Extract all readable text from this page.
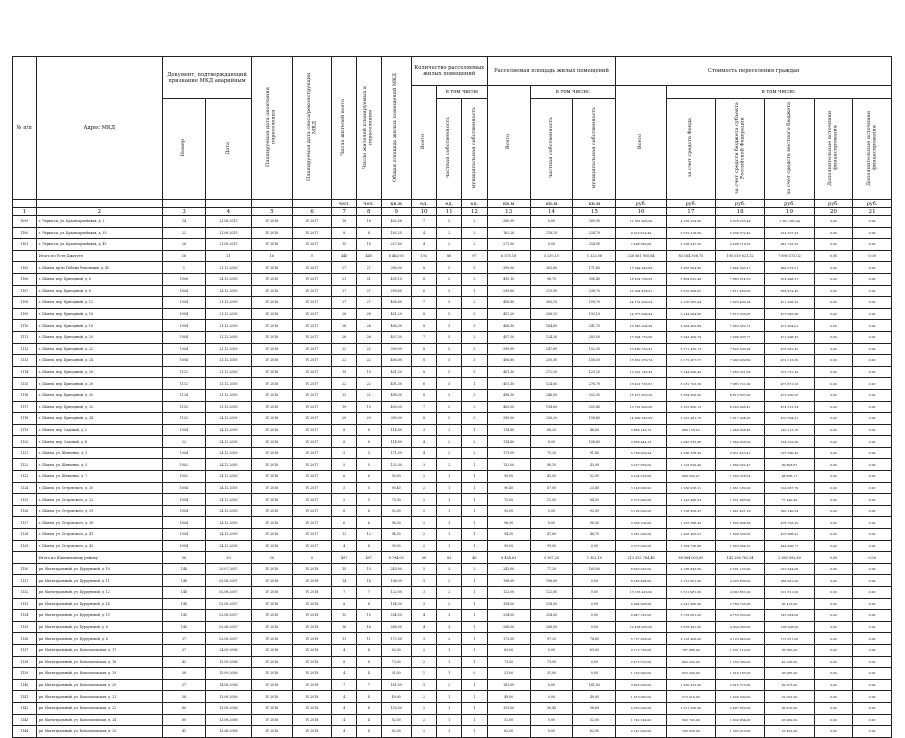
№ п/п	Адрес МКД	Документ, подтверждающий признание МКД аварийным		Планируемая дата окончания переселения	Планируемая дата сноса/реконструкции МКД	Число жителей всего	Число жителей планируемых к переселению	Общая площадь жилых помещений МКД	Количество расселяемых жилых помещений			Расселяемая площадь жилых помещений			Стоимость переселения граждан					
									Всего	в том числе		Всего	в том числе:		Всего	в том числе:				
		Номер	Дата							частная собственность	муниципальная собственность		частная собственность	муниципальная собственность		за счет средств Фонда	за счет средств бюджета субъекта Российской Федерации	за счет средств местного бюджета	Дополнительные источники финансирования	Дополнительные источники финансирования
						чел.	чел.	кв.м	ед.	ед.	ед.	кв.м	кв.м	кв.м	руб.	руб.	руб.	руб.	руб.	руб.
1	2	3	4	5	6	7	8	9	10	11	12	13	14	15	16	17	18	19	20	21
1099	г. Черкесск, ул. Красноармейская, д. 3	14	21.08.2015	IV 2016	IV 2017	18	18	402,58	7	5	2	280,90	0,00	280,90	11 581 903,90	4 183 254,26	5 978 255,44	1 391 395,44	0,00	0,00
1100	г. Черкесск, ул. Красноармейская, д. 35	22	21.08.2015	IV 2016	IV 2017	8	8	183,25	4	2	2	162,28	118,19	234,70	9 012 619,49	3 072 318,00	5 936 372,42	614 557,22	0,00	0,00
1101	г. Черкесск, ул. Красноармейская, д. 45	26	21.08.2015	IV 2016	IV 2017	15	15	227,80	4	2	2	271,90	0,00	254,90	7 498 389,00	2 108 347,50	4 408 719,25	981 722,25	0,00	0,00
	Итого по Усть-Джегуте	16	21	16	0	440	440	8 462,93	192	86	97	6 575,18	5 250,10	1 323,08	326 581 905,84	85 164 306,75	195 019 021,52	7 890 573,02	0,00	0,00
1105	г. Шахты, пр-кт Победы Революции, д. 45	1	21.12.2005	IV 2016	IV 2017	27	27	390,00	8	5	3	390,00	263,80	171,60	15 344 643,89	3 933 804,86	7 944 395,17	966 373,51	0,00	0,00
1106	г. Шахты, пер. Бригадный, д. 6	1006	24.12.2005	IV 2016	IV 2017	21	21	495,10	8	5	3	495,10	98,70	396,40	18 434 709,62	5 864 825,48	7 883 614,53	974 948,21	0,00	0,00
1107	г. Шахты, пер. Бригадный, д. 8	1004	24.12.2005	IV 2016	IV 2017	27	27	299,60	6	5	1	299,60	219,90	236,70	12 004 458,01	3 310 906,05	7 611 462,63	658 474,45	0,00	0,00
1108	г. Шахты, пер. Бригадный, д. 12	1004	21.12.2005	IV 2016	IV 2017	27	27	406,80	7	5	2	406,80	300,10	109,70	14 152 939,04	3 150 385,04	7 925 406,34	471 208,22	0,00	0,00
1109	г. Шахты, пер. Бригадный, д. 16	1004	21.12.2005	IV 2016	IV 2017	28	28	401,20	8	5	3	401,20	208,10	193,10	14 973 908,94	3 144 084,60	7 613 336,05	473 093,96	0,00	0,00
1110	г. Шахты, пер. Бригадный, д. 18	1004	21.12.2005	IV 2016	IV 2017	26	26	406,30	8	5	3	406,30	164,60	241,70	13 545 004,99	3 264 905,89	7 963 362,71	473 404,01	0,00	0,00
1111	г. Шахты, пер. Бригадный, д. 20	1004	21.12.2005	IV 2016	IV 2017	26	26	407,30	7	5	2	407,30	124,30	283,00	13 694 730,00	3 243 409,79	7 996 003,77	471 098,45	0,00	0,00
1112	г. Шахты, пер. Бригадный, д. 22	1004	21.12.2005	IV 2016	IV 2017	22	22	399,90	8	5	3	399,90	247,60	152,30	13 460 750,41	3 171 436,13	7 822 593,94	470 581,45	0,00	0,00
1113	г. Шахты, пер. Бригадный, д. 24	1004	21.12.2005	IV 2016	IV 2017	22	22	406,80	8	5	3	406,80	250,30	156,50	13 661 070,74	3 172 457,57	7 902 009,69	474 113,30	0,00	0,00
1114	г. Шахты, пер. Бригадный, д. 26	1112	21.12.2005	IV 2016	IV 2017	19	19	401,30	8	5	3	401,30	272,10	129,20	13 501 743,42	3 144 000,42	7 985 021,58	372 721,42	0,00	0,00
1115	г. Шахты, пер. Бригадный, д. 28	1112	21.12.2005	IV 2016	IV 2017	22	22	401,30	6	5	1	401,30	124,60	276,70	13 401 723,81	3 181 723,30	7 985 721,09	473 871,23	0,00	0,00
1116	г. Шахты, пер. Бригадный, д. 30	1124	21.12.2005	IV 2016	IV 2017	22	22	498,30	8	5	3	498,30	246,00	252,30	15 457 003,20	3 364 006,50	8 813 807,09	472 030,55	0,00	0,00
1117	г. Шахты, пер. Бригадный, д. 32	1152	21.12.2005	IV 2016	IV 2017	19	19	400,00	7	5	2	400,00	194,60	205,40	13 722 900,00	3 161 900,13	8 243 906,41	474 513,34	0,00	0,00
1118	г. Шахты, пер. Бригадный, д. 34	1152	24.12.2005	IV 2016	IV 2017	29	29	395,00	8	5	3	395,00	236,20	158,80	14 000 345,09	3 161 481,70	7 017 024,05	470 594,31	0,00	0,00
1119	г. Шахты, пер. Садовый, д. 2	1004	24.12.2005	IV 2016	IV 2017	8	8	114,80	3	2	1	114,80	68,20	46,60	3 869 143,72	968 158,43	1 960 958,46	140 173,70	0,00	0,00
1120	г. Шахты, пер. Садовый, д. 4	22	24.12.2005	IV 2016	IV 2017	8	8	114,80	4	2	2	114,80	8,00	106,80	3 869 444,12	2 945 333,96	1 960 958,00	124 332,96	0,00	0,00
1121	г. Шахты, ул. Шевченко, д. 3	1004	24.12.2005	IV 2016	IV 2017	3	3	171,00	4	2	2	171,00	79,20	91,80	5 769 003,94	2 186 338,29	2 951 453,41	197 590,42	0,00	0,00
1122	г. Шахты, ул. Шевченко, д. 5	1002	24.12.2005	IV 2016	IV 2017	5	5	132,00	3	2	1	132,00	88,10	43,90	3 237 959,00	1 123 659,40	1 664 352,47	99 893,67	0,00	0,00
1123	г. Шахты, ул. Шевченко, д. 7	1002	24.12.2005	IV 2016	IV 2017	6	6	95,00	2	1	1	95,00	43,00	52,00	3 234 239,00	968 060,47	1 540 058,54	88 806,17	0,00	0,00
1124	г. Шахты, ул. Островского, д. 20	1004	24.12.2005	IV 2016	IV 2017	5	5	90,40	2	1	1	90,40	67,00	23,40	3 146 000,00	1 160 918,21	1 661 180,00	124 067,79	0,00	0,00
1125	г. Шахты, ул. Островского, д. 22	1004	24.12.2005	IV 2016	IV 2017	5	5	75,00	2	1	1	75,00	11,00	64,00	2 572 900,00	1 143 496,54	1 351 963,00	77 440,46	0,00	0,00
1126	г. Шахты, ул. Островского, д. 29	1004	24.12.2005	IV 2016	IV 2017	6	6	92,00	2	1	1	92,00	0,00	92,00	3 192 000,00	1 158 458,47	1 641 401,19	392 140,34	0,00	0,00
1127	г. Шахты, ул. Островского, д. 38	1004	24.12.2005	IV 2016	IV 2017	6	6	96,30	2	1	1	96,30	0,00	96,30	3 308 100,00	1 223 398,43	1 605 908,28	478 793,29	0,00	0,00
1128	г. Шахты, ул. Островского, д. 41	1004	24.12.2005	IV 2016	IV 2017	12	12	94,30	2	1	1	94,30	47,60	46,70	3 281 000,00	1 203 495,07	1 600 506,02	476 998,91	0,00	0,00
1129	г. Шахты, ул. Островского, д. 43	1004	24.12.2005	IV 2016	IV 2017	4	4	99,00	2	1	1	99,00	99,00	0,00	3 373 000,00	1 364 728,68	1 663 664,55	444 606,77	0,00	0,00
	Итого по Шахтинскому району	30	30	30	0	497	497	8 794,00	58	83	46	8 458,63	5 307,20	1 302,10	213 352 764,48	89 984 003,00	141 258 782,54	2 983 992,69	0,00	0,00
1130	рп. Магистральный, ул. Бурдуновой, д. 10	148	20.07.2007	IV 2016	IV 2018	15	15	243,00	5	3	2	243,00	77,20	165,80	8 693 320,00	2 186 843,00	5 591 133,00	319 344,00	0,00	0,00
1131	рп. Магистральный, ул. Бурдуновой, д. 11	148	02.08.2007	IV 2016	IV 2018	14	14	196,00	3	2	1	196,00	196,00	0,00	8 183 496,00	3 131 901,00	4 023 809,00	286 931,00	0,00	0,00
1132	рп. Магистральный, ул. Бурдуновой, д. 12	148	02.08.2007	IV 2016	IV 2018	7	7	122,00	3	2	1	122,00	122,00	0,00	13 135 423,00	3 311 981,00	4 002 861,00	101 811,00	0,00	0,00
1133	рп. Магистральный, ул. Бурдуновой, д. 14	148	02.08.2007	IV 2016	IV 2018	8	8	154,00	3	2	1	154,00	154,00	0,00	5 994 608,00	2 241 960,00	2 780 735,00	93 413,00	0,00	0,00
1134	рп. Магистральный, ул. Бурдуновой, д. 15	145	02.08.2007	IV 2016	IV 2018	15	15	254,00	4	3	1	254,00	254,00	0,00	9 947 125,00	3 722 601,00	4 753 500,00	145 024,00	0,00	0,00
1135	рп. Магистральный, ул. Бурдуновой, д. 6	145	02.08.2007	IV 2016	IV 2018	16	16	268,00	4	3	1	268,00	268,00	0,00	10 438 905,00	3 878 491,00	4 959 060,00	198 508,00	0,00	0,00
1136	рп. Магистральный, ул. Бурдуновой, д. 8	37	02.08.2007	IV 2016	IV 2018	11	11	172,00	3	2	1	172,00	97,20	74,80	5 757 958,00	2 123 400,00	4 123 840,00	173 811,00	0,00	0,00
1137	рп. Магистральный, ул. Комсомольская, д. 17	37	24.09.2006	IV 2016	IV 2018	4	4	63,00	2	1	1	63,00	0,00	63,00	2 175 750,00	787 986,00	1 231 110,00	36 585,00	0,00	0,00
1138	рп. Магистральный, ул. Комсомольская, д. 18	42	15.09.2006	IV 2016	IV 2018	8	8	73,00	2	1	1	73,00	73,00	0,00	2 475 370,00	860 432,00	1 556 380,00	40 100,00	0,00	0,00
1139	рп. Магистральный, ул. Комсомольская, д. 19	38	15.09.2006	IV 2016	IV 2018	4	4	31,00	1	1	0	31,00	31,00	0,00	1 723 990,00	625 206,00	1 016 185,00	26 085,00	0,00	0,00
1140	рп. Магистральный, ул. Комсомольская, д. 20	37	14.08.2006	IV 2016	IV 2018	7	7	161,00	3	2	1	161,00	0,00	161,00	3 895 000,00	1 950 223,00	2 815 575,00	82 973,00	0,00	0,00
1141	рп. Магистральный, ул. Комсомольская, д. 21	38	13.08.2006	IV 2016	IV 2018	4	4	49,00	2	1	1	49,00	0,00	49,00	1 616 060,00	573 418,00	1 024 590,00	22 052,00	0,00	0,00
1142	рп. Магистральный, ул. Комсомольская, д. 22	80	13.08.2006	IV 2016	IV 2018	4	4	153,00	2	1	1	153,00	56,40	96,60	5 053 000,00	1 911 560,00	2 897 820,00	66 970,00	0,00	0,00
1143	рп. Магистральный, ул. Комсомольская, д. 24	80	13.08.2006	IV 2016	IV 2018	4	4	52,00	2	1	1	52,00	0,00	52,00	1 742 140,00	602 745,00	1 002 964,00	26 460,00	0,00	0,00
1144	рп. Магистральный, ул. Комсомольская, д. 25	41	13.08.2006	IV 2016	IV 2018	4	4	62,00	2	1	1	62,00	0,00	62,00	2 141 900,00	783 458,00	1 305 010,00	53 432,00	0,00	0,00
